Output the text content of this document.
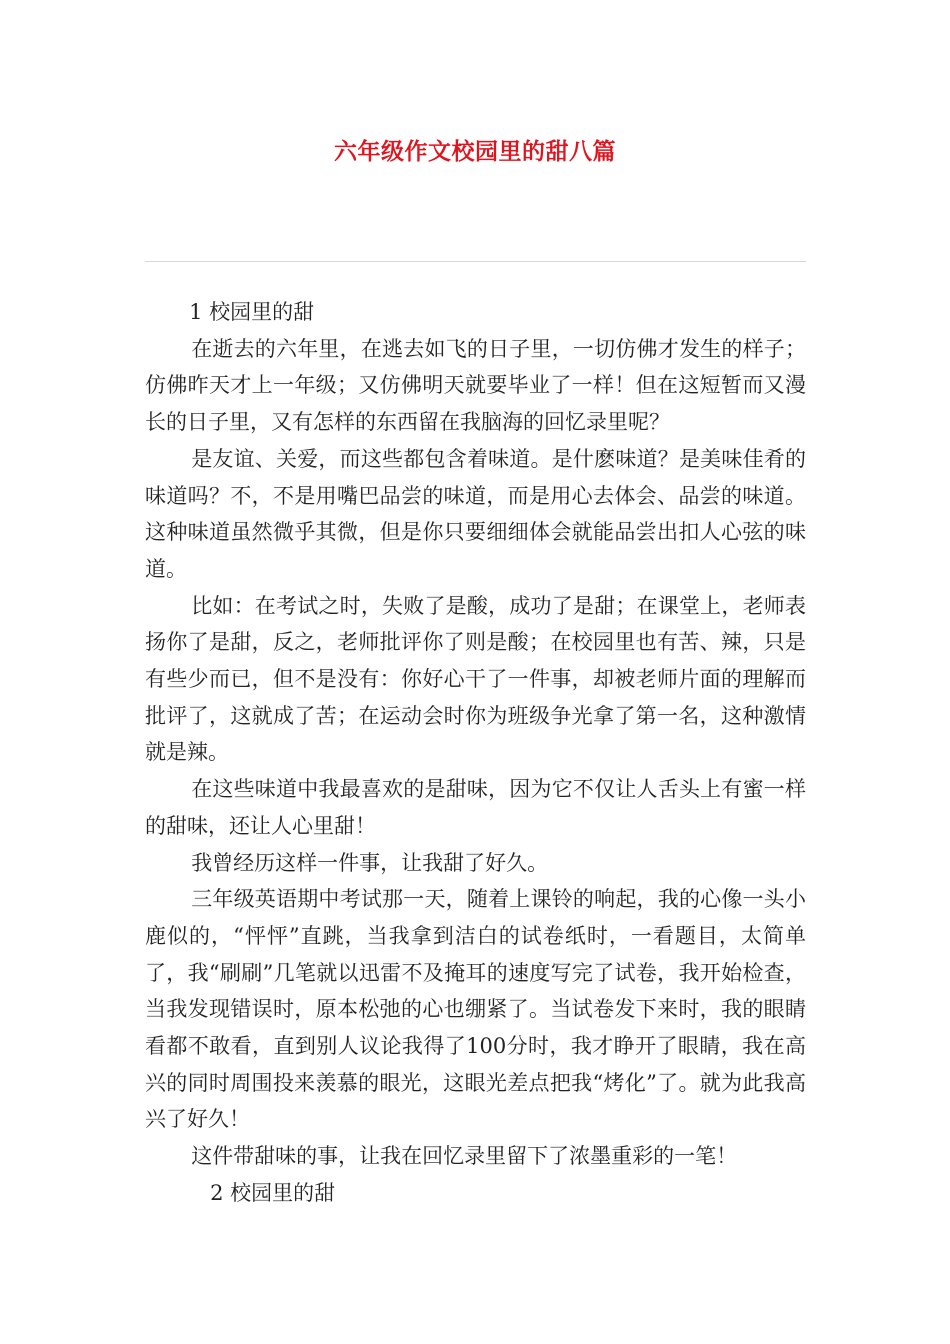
六年级作文校园里的甜八篇

1 校园里的甜

在逝去的六年里，在逃去如飞的日子里，一切仿佛才发生的样子；仿佛昨天才上一年级；又仿佛明天就要毕业了一样！但在这短暂而又漫长的日子里，又有怎样的东西留在我脑海的回忆录里呢？

是友谊、关爱，而这些都包含着味道。是什麽味道？是美味佳肴的味道吗？不，不是用嘴巴品尝的味道，而是用心去体会、品尝的味道。这种味道虽然微乎其微，但是你只要细细体会就能品尝出扣人心弦的味道。

比如：在考试之时，失败了是酸，成功了是甜；在课堂上，老师表扬你了是甜，反之，老师批评你了则是酸；在校园里也有苦、辣，只是有些少而已，但不是没有：你好心干了一件事，却被老师片面的理解而批评了，这就成了苦；在运动会时你为班级争光拿了第一名，这种激情就是辣。

在这些味道中我最喜欢的是甜味，因为它不仅让人舌头上有蜜一样的甜味，还让人心里甜！

我曾经历这样一件事，让我甜了好久。

三年级英语期中考试那一天，随着上课铃的响起，我的心像一头小鹿似的，“怦怦”直跳，当我拿到洁白的试卷纸时，一看题目，太简单了，我“刷刷”几笔就以迅雷不及掩耳的速度写完了试卷，我开始检查，当我发现错误时，原本松弛的心也绷紧了。当试卷发下来时，我的眼睛看都不敢看，直到别人议论我得了100分时，我才睁开了眼睛，我在高兴的同时周围投来羡慕的眼光，这眼光差点把我“烤化”了。就为此我高兴了好久！

这件带甜味的事，让我在回忆录里留下了浓墨重彩的一笔！

2 校园里的甜
